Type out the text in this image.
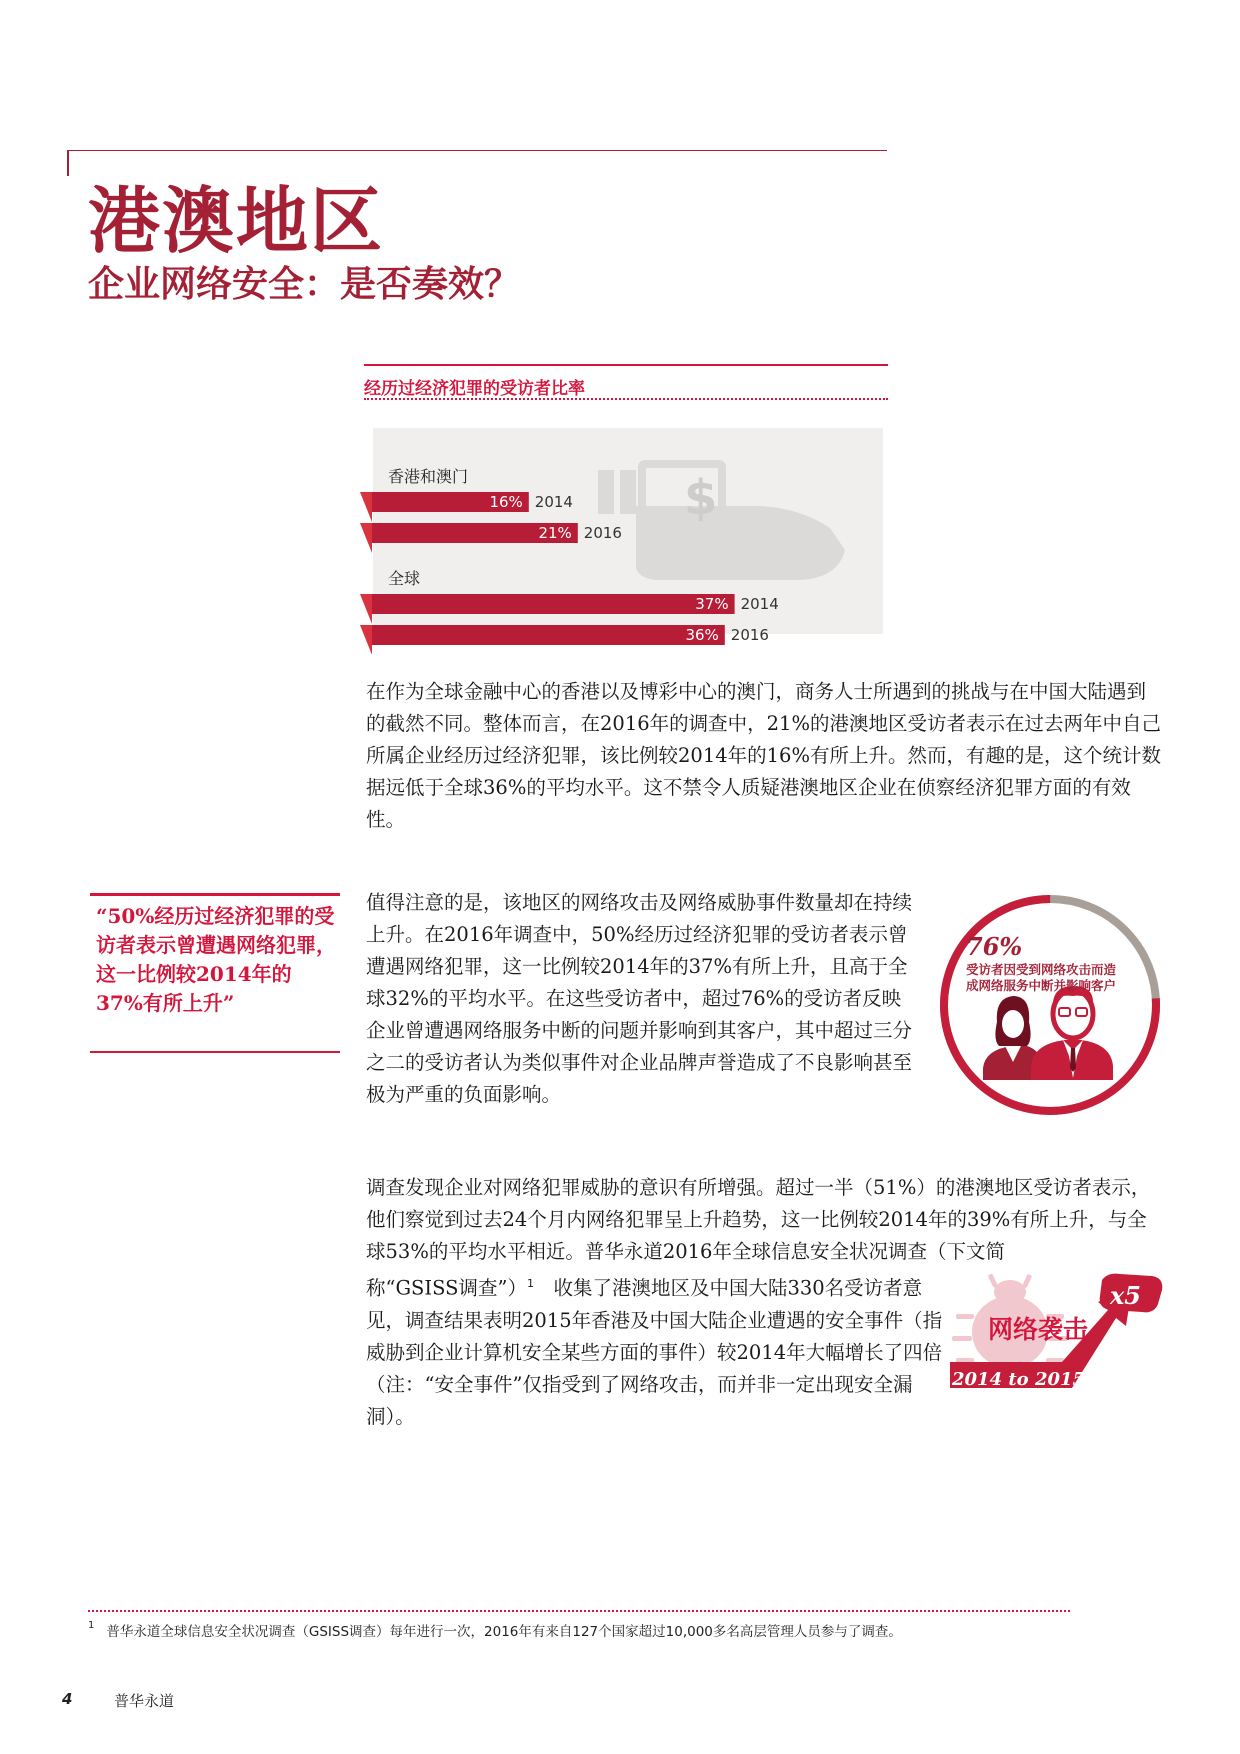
港澳地区
企业网络安全：是否奏效？
经历过经济犯罪的受访者比率
$
香港和澳门
16% 2014
21% 2016
全球
37% 2014
36% 2016

在作为全球金融中心的香港以及博彩中心的澳门，商务人士所遇到的挑战与在中国大陆遇到的截然不同。整体而言，在2016年的调查中，21%的港澳地区受访者表示在过去两年中自己所属企业经历过经济犯罪，该比例较2014年的16%有所上升。然而，有趣的是，这个统计数据远低于全球36%的平均水平。这不禁令人质疑港澳地区企业在侦察经济犯罪方面的有效性。

值得注意的是，该地区的网络攻击及网络威胁事件数量却在持续上升。在2016年调查中，50%经历过经济犯罪的受访者表示曾遭遇网络犯罪，这一比例较2014年的37%有所上升，且高于全球32%的平均水平。在这些受访者中，超过76%的受访者反映企业曾遭遇网络服务中断的问题并影响到其客户，其中超过三分之二的受访者认为类似事件对企业品牌声誉造成了不良影响甚至极为严重的负面影响。

调查发现企业对网络犯罪威胁的意识有所增强。超过一半（51%）的港澳地区受访者表示，他们察觉到过去24个月内网络犯罪呈上升趋势，这一比例较2014年的39%有所上升，与全球53%的平均水平相近。普华永道2016年全球信息安全状况调查（下文简

称“GSISS调查”）$^1$　收集了港澳地区及中国大陆330名受访者意见，调查结果表明2015年香港及中国大陆企业遭遇的安全事件（指威胁到企业计算机安全某些方面的事件）较2014年大幅增长了四倍（注：“安全事件”仅指受到了网络攻击，而并非一定出现安全漏洞）。

“50%经历过经济犯罪的受访者表示曾遭遇网络犯罪，这一比例较2014年的37%有所上升”
76%
受访者因受到网络攻击而造成网络服务中断并影响客户
网络袭击
x5
2014 to 2015
$^1$ 普华永道全球信息安全状况调查（GSISS调查）每年进行一次，2016年有来自127个国家超过10,000多名高层管理人员参与了调查。
4	普华永道
